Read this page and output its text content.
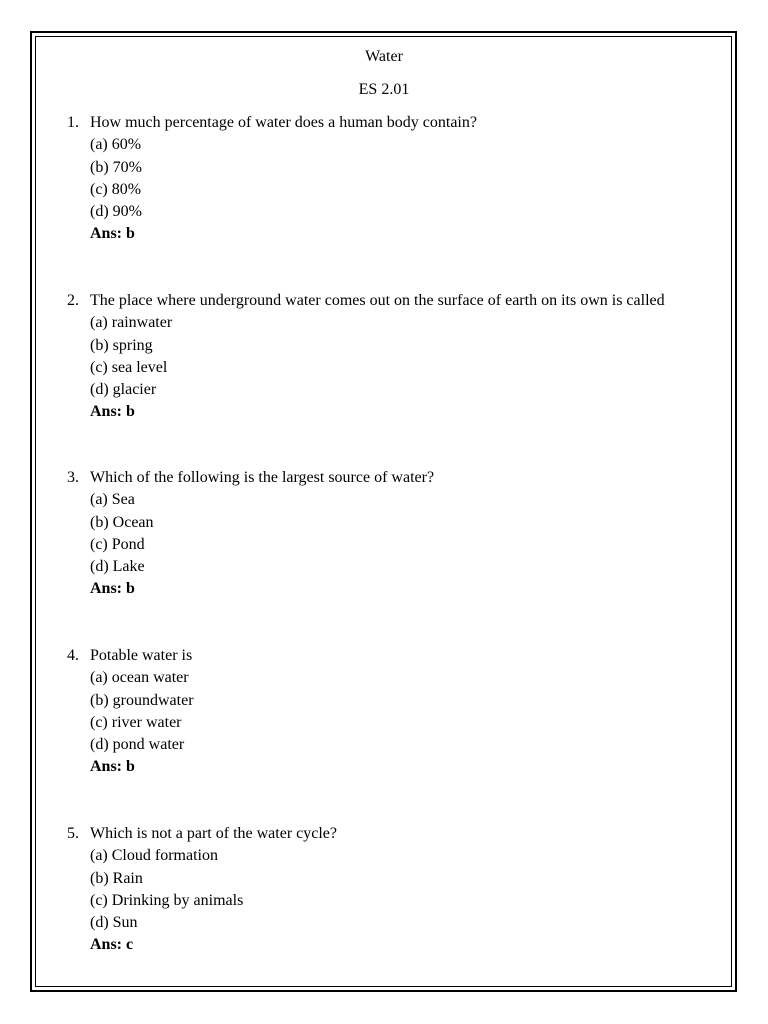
Water
ES 2.01
1. How much percentage of water does a human body contain?
(a) 60%
(b) 70%
(c) 80%
(d) 90%
Ans: b
2. The place where underground water comes out on the surface of earth on its own is called
(a) rainwater
(b) spring
(c) sea level
(d) glacier
Ans: b
3. Which of the following is the largest source of water?
(a) Sea
(b) Ocean
(c) Pond
(d) Lake
Ans: b
4. Potable water is
(a) ocean water
(b) groundwater
(c) river water
(d) pond water
Ans: b
5. Which is not a part of the water cycle?
(a) Cloud formation
(b) Rain
(c) Drinking by animals
(d) Sun
Ans: c
